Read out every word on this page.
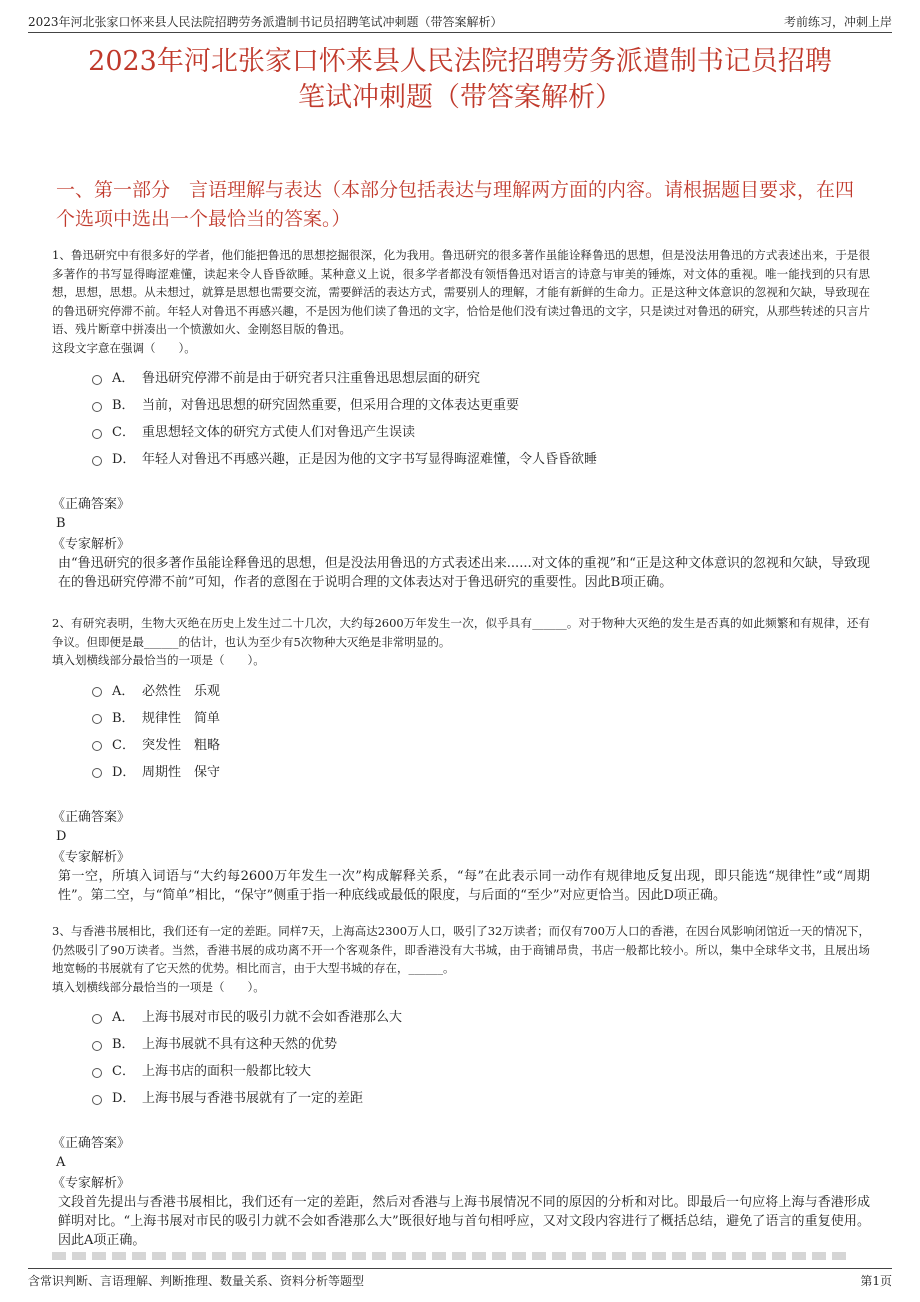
2023年河北张家口怀来县人民法院招聘劳务派遣制书记员招聘笔试冲刺题（带答案解析）	考前练习，冲刺上岸
2023年河北张家口怀来县人民法院招聘劳务派遣制书记员招聘
笔试冲刺题（带答案解析）
一、第一部分　言语理解与表达（本部分包括表达与理解两方面的内容。请根据题目要求，在四个选项中选出一个最恰当的答案。）

1、鲁迅研究中有很多好的学者，他们能把鲁迅的思想挖掘很深，化为我用。鲁迅研究的很多著作虽能诠释鲁迅的思想，但是没法用鲁迅的方式表述出来，于是很多著作的书写显得晦涩难懂，读起来令人昏昏欲睡。某种意义上说，很多学者都没有领悟鲁迅对语言的诗意与审美的锤炼，对文体的重视。唯一能找到的只有思想，思想，思想。从未想过，就算是思想也需要交流，需要鲜活的表达方式，需要别人的理解，才能有新鲜的生命力。正是这种文体意识的忽视和欠缺，导致现在的鲁迅研究停滞不前。年轻人对鲁迅不再感兴趣，不是因为他们读了鲁迅的文字，恰恰是他们没有读过鲁迅的文字，只是读过对鲁迅的研究，从那些转述的只言片语、残片断章中拼凑出一个愤激如火、金刚怒目版的鲁迅。

这段文字意在强调（　　）。

A． 鲁迅研究停滞不前是由于研究者只注重鲁迅思想层面的研究
B． 当前，对鲁迅思想的研究固然重要，但采用合理的文体表达更重要
C． 重思想轻文体的研究方式使人们对鲁迅产生误读
D． 年轻人对鲁迅不再感兴趣，正是因为他的文字书写显得晦涩难懂，令人昏昏欲睡
《正确答案》
B
《专家解析》

由“鲁迅研究的很多著作虽能诠释鲁迅的思想，但是没法用鲁迅的方式表述出来......对文体的重视”和“正是这种文体意识的忽视和欠缺，导致现在的鲁迅研究停滞不前”可知，作者的意图在于说明合理的文体表达对于鲁迅研究的重要性。因此B项正确。

2、有研究表明，生物大灭绝在历史上发生过二十几次，大约每2600万年发生一次，似乎具有______。对于物种大灭绝的发生是否真的如此频繁和有规律，还有争议。但即便是最______的估计，也认为至少有5次物种大灭绝是非常明显的。

填入划横线部分最恰当的一项是（　　）。

A． 必然性　乐观
B． 规律性　简单
C． 突发性　粗略
D． 周期性　保守
《正确答案》
D
《专家解析》

第一空，所填入词语与“大约每2600万年发生一次”构成解释关系，“每”在此表示同一动作有规律地反复出现，即只能选“规律性”或“周期性”。第二空，与“简单”相比，“保守”侧重于指一种底线或最低的限度，与后面的“至少”对应更恰当。因此D项正确。

3、与香港书展相比，我们还有一定的差距。同样7天，上海高达2300万人口，吸引了32万读者；而仅有700万人口的香港，在因台风影响闭馆近一天的情况下，仍然吸引了90万读者。当然，香港书展的成功离不开一个客观条件，即香港没有大书城，由于商铺昂贵，书店一般都比较小。所以，集中全球华文书，且展出场地宽畅的书展就有了它天然的优势。相比而言，由于大型书城的存在，______。

填入划横线部分最恰当的一项是（　　）。

A． 上海书展对市民的吸引力就不会如香港那么大
B． 上海书展就不具有这种天然的优势
C． 上海书店的面积一般都比较大
D． 上海书展与香港书展就有了一定的差距
《正确答案》
A
《专家解析》

文段首先提出与香港书展相比，我们还有一定的差距，然后对香港与上海书展情况不同的原因的分析和对比。即最后一句应将上海与香港形成鲜明对比。“上海书展对市民的吸引力就不会如香港那么大”既很好地与首句相呼应，又对文段内容进行了概括总结，避免了语言的重复使用。因此A项正确。

含常识判断、言语理解、判断推理、数量关系、资料分析等题型	第1页
